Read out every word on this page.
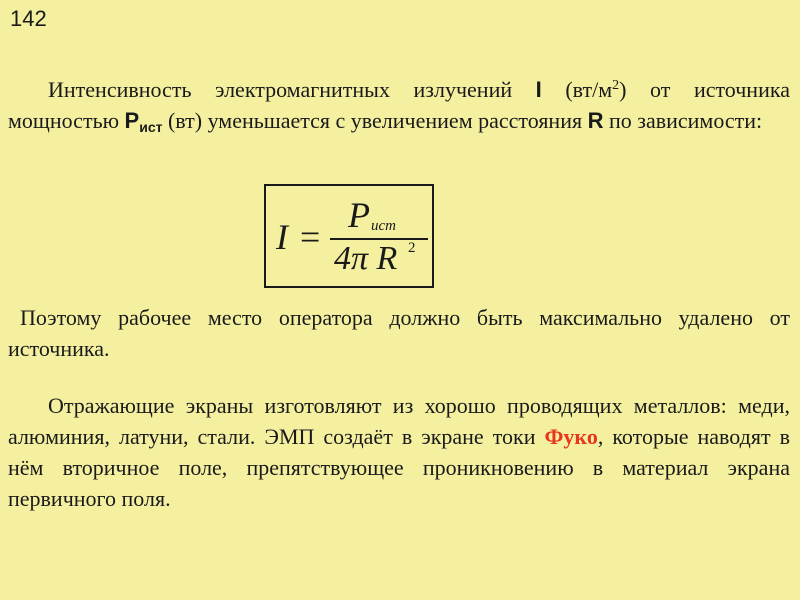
142
Интенсивность электромагнитных излучений I $(вт/м^2)$ от источника мощностью $Р_{ист}$ (вт) уменьшается с увеличением расстояния R по зависимости:
I =
P ист
4π R 2
Поэтому рабочее место оператора должно быть максимально удалено от источника.
Отражающие экраны изготовляют из хорошо проводящих металлов: меди, алюминия, латуни, стали. ЭМП создаёт в экране токи Фуко, которые наводят в нём вторичное поле, препятствующее проникновению в материал экрана первичного поля.
